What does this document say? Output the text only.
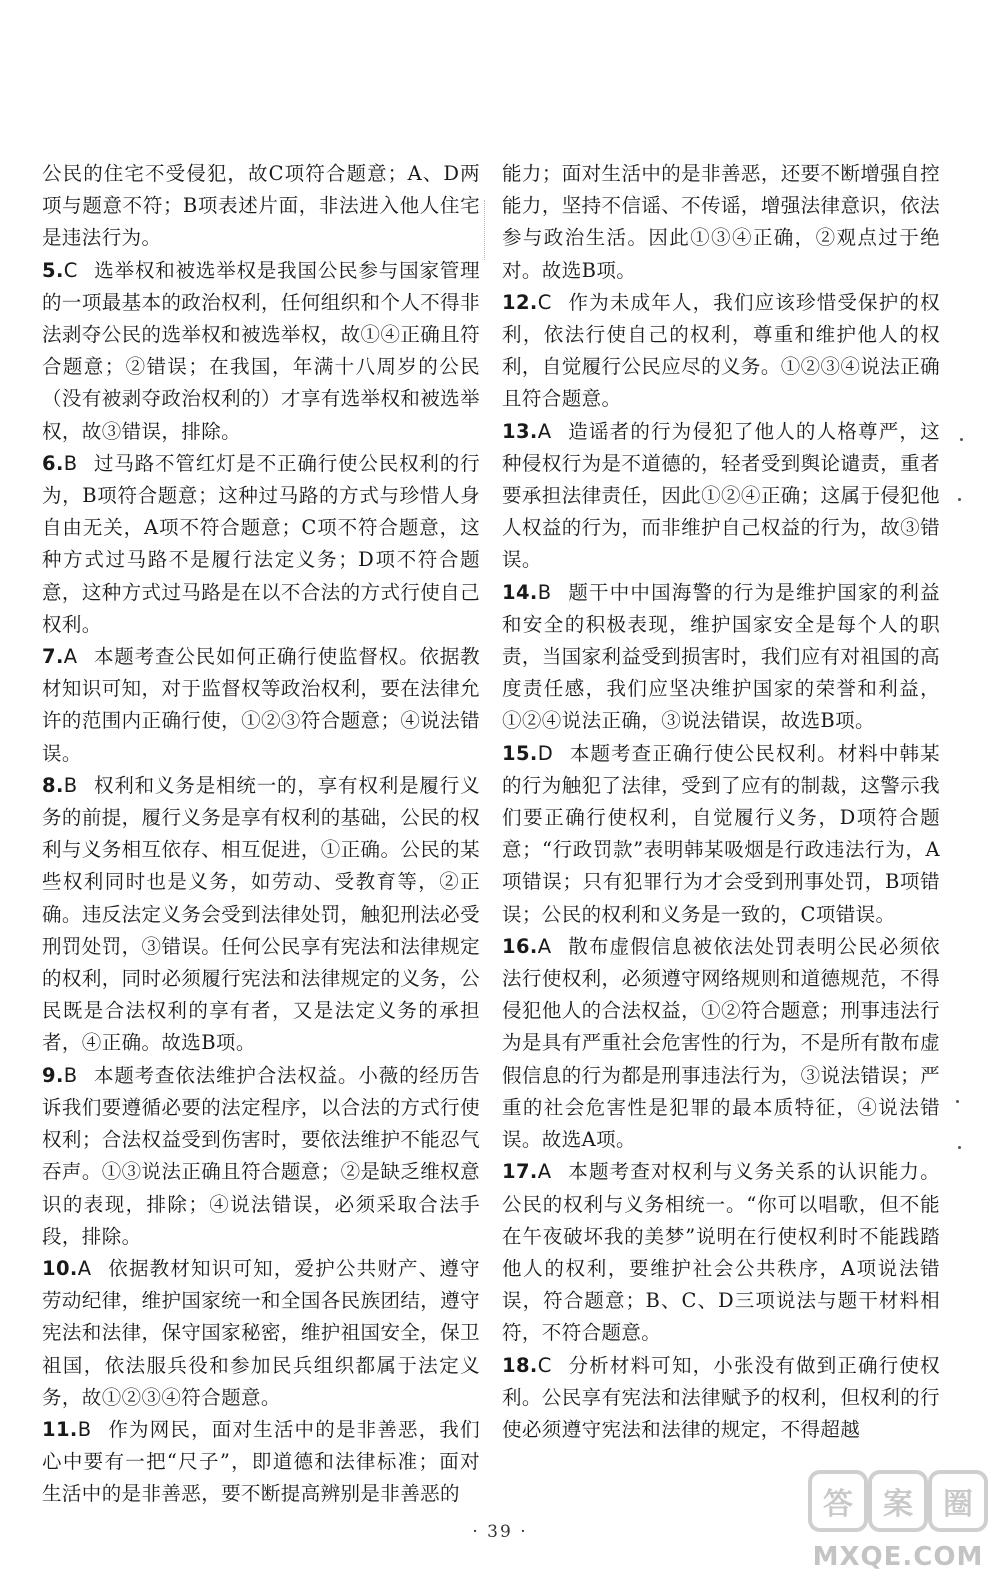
公民的住宅不受侵犯，故C项符合题意；A、D两项与题意不符；B项表述片面，非法进入他人住宅是违法行为。

5.C 选举权和被选举权是我国公民参与国家管理的一项最基本的政治权利，任何组织和个人不得非法剥夺公民的选举权和被选举权，故①④正确且符合题意；②错误；在我国，年满十八周岁的公民（没有被剥夺政治权利的）才享有选举权和被选举权，故③错误，排除。

6.B 过马路不管红灯是不正确行使公民权利的行为，B项符合题意；这种过马路的方式与珍惜人身自由无关，A项不符合题意；C项不符合题意，这种方式过马路不是履行法定义务；D项不符合题意，这种方式过马路是在以不合法的方式行使自己权利。

7.A 本题考查公民如何正确行使监督权。依据教材知识可知，对于监督权等政治权利，要在法律允许的范围内正确行使，①②③符合题意；④说法错误。

8.B 权利和义务是相统一的，享有权利是履行义务的前提，履行义务是享有权利的基础，公民的权利与义务相互依存、相互促进，①正确。公民的某些权利同时也是义务，如劳动、受教育等，②正确。违反法定义务会受到法律处罚，触犯刑法必受刑罚处罚，③错误。任何公民享有宪法和法律规定的权利，同时必须履行宪法和法律规定的义务，公民既是合法权利的享有者，又是法定义务的承担者，④正确。故选B项。

9.B 本题考查依法维护合法权益。小薇的经历告诉我们要遵循必要的法定程序，以合法的方式行使权利；合法权益受到伤害时，要依法维护不能忍气吞声。①③说法正确且符合题意；②是缺乏维权意识的表现，排除；④说法错误，必须采取合法手段，排除。

10.A 依据教材知识可知，爱护公共财产、遵守劳动纪律，维护国家统一和全国各民族团结，遵守宪法和法律，保守国家秘密，维护祖国安全，保卫祖国，依法服兵役和参加民兵组织都属于法定义务，故①②③④符合题意。

11.B 作为网民，面对生活中的是非善恶，我们心中要有一把“尺子”，即道德和法律标准；面对生活中的是非善恶，要不断提高辨别是非善恶的

能力；面对生活中的是非善恶，还要不断增强自控能力，坚持不信谣、不传谣，增强法律意识，依法参与政治生活。因此①③④正确，②观点过于绝对。故选B项。

12.C 作为未成年人，我们应该珍惜受保护的权利，依法行使自己的权利，尊重和维护他人的权利，自觉履行公民应尽的义务。①②③④说法正确且符合题意。

13.A 造谣者的行为侵犯了他人的人格尊严，这种侵权行为是不道德的，轻者受到舆论谴责，重者要承担法律责任，因此①②④正确；这属于侵犯他人权益的行为，而非维护自己权益的行为，故③错误。

14.B 题干中中国海警的行为是维护国家的利益和安全的积极表现，维护国家安全是每个人的职责，当国家利益受到损害时，我们应有对祖国的高度责任感，我们应坚决维护国家的荣誉和利益，①②④说法正确，③说法错误，故选B项。

15.D 本题考查正确行使公民权利。材料中韩某的行为触犯了法律，受到了应有的制裁，这警示我们要正确行使权利，自觉履行义务，D项符合题意；“行政罚款”表明韩某吸烟是行政违法行为，A项错误；只有犯罪行为才会受到刑事处罚，B项错误；公民的权利和义务是一致的，C项错误。

16.A 散布虚假信息被依法处罚表明公民必须依法行使权利，必须遵守网络规则和道德规范，不得侵犯他人的合法权益，①②符合题意；刑事违法行为是具有严重社会危害性的行为，不是所有散布虚假信息的行为都是刑事违法行为，③说法错误；严重的社会危害性是犯罪的最本质特征，④说法错误。故选A项。

17.A 本题考查对权利与义务关系的认识能力。公民的权利与义务相统一。“你可以唱歌，但不能在午夜破坏我的美梦”说明在行使权利时不能践踏他人的权利，要维护社会公共秩序，A项说法错误，符合题意；B、C、D三项说法与题干材料相符，不符合题意。

18.C 分析材料可知，小张没有做到正确行使权利。公民享有宪法和法律赋予的权利，但权利的行使必须遵守宪法和法律的规定，不得超越

· 39 ·
答	案	圈
MXQE.COM
